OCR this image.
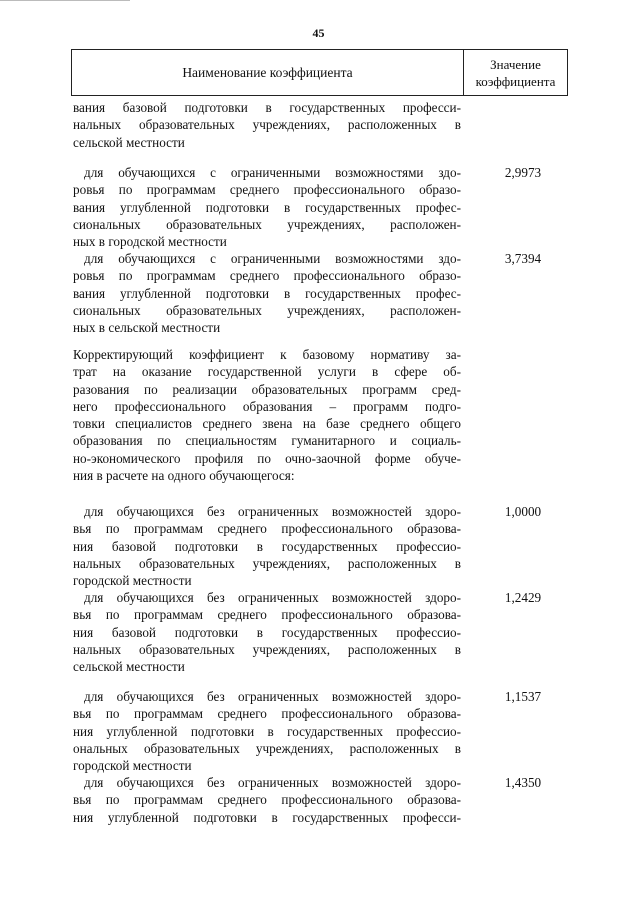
45
Наименование коэффициента
Значение
коэффициента
вания базовой подготовки в государственных професси-
нальных образовательных учреждениях, расположенных в
сельской местности
для обучающихся с ограниченными возможностями здо-
ровья по программам среднего профессионального образо-
вания углубленной подготовки в государственных профес-
сиональных образовательных учреждениях, расположен-
ных в городской местности
2,9973
для обучающихся с ограниченными возможностями здо-
ровья по программам среднего профессионального образо-
вания углубленной подготовки в государственных профес-
сиональных образовательных учреждениях, расположен-
ных в сельской местности
3,7394
Корректирующий коэффициент к базовому нормативу за-
трат на оказание государственной услуги в сфере об-
разования по реализации образовательных программ сред-
него профессионального образования – программ подго-
товки специалистов среднего звена на базе среднего общего
образования по специальностям гуманитарного и социаль-
но-экономического профиля по очно-заочной форме обуче-
ния в расчете на одного обучающегося:
для обучающихся без ограниченных возможностей здоро-
вья по программам среднего профессионального образова-
ния базовой подготовки в государственных профессио-
нальных образовательных учреждениях, расположенных в
городской местности
1,0000
для обучающихся без ограниченных возможностей здоро-
вья по программам среднего профессионального образова-
ния базовой подготовки в государственных профессио-
нальных образовательных учреждениях, расположенных в
сельской местности
1,2429
для обучающихся без ограниченных возможностей здоро-
вья по программам среднего профессионального образова-
ния углубленной подготовки в государственных профессио-
ональных образовательных учреждениях, расположенных в
городской местности
1,1537
для обучающихся без ограниченных возможностей здоро-
вья по программам среднего профессионального образова-
ния углубленной подготовки в государственных професси-
1,4350
